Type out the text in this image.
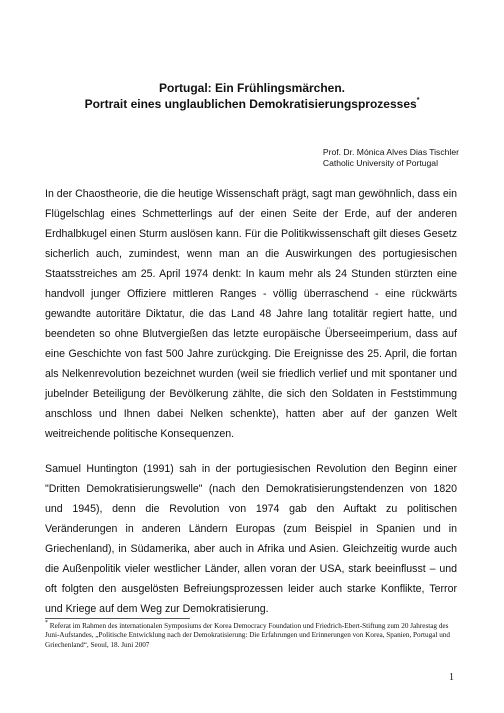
Portugal: Ein Frühlingsmärchen.
Portrait eines unglaublichen Demokratisierungsprozesses*
Prof. Dr. Mónica Alves Dias Tischler
Catholic University of Portugal

In der Chaostheorie, die die heutige Wissenschaft prägt, sagt man gewöhnlich, dass ein Flügelschlag eines Schmetterlings auf der einen Seite der Erde, auf der anderen Erdhalbkugel einen Sturm auslösen kann. Für die Politikwissenschaft gilt dieses Gesetz sicherlich auch, zumindest, wenn man an die Auswirkungen des portugiesischen Staatsstreiches am 25. April 1974 denkt: In kaum mehr als 24 Stunden stürzten eine handvoll junger Offiziere mittleren Ranges - völlig überraschend - eine rückwärts gewandte autoritäre Diktatur, die das Land 48 Jahre lang totalitär regiert hatte, und beendeten so ohne Blutvergießen das letzte europäische Überseeimperium, dass auf eine Geschichte von fast 500 Jahre zurückging. Die Ereignisse des 25. April, die fortan als Nelkenrevolution bezeichnet wurden (weil sie friedlich verlief und mit spontaner und jubelnder Beteiligung der Bevölkerung zählte, die sich den Soldaten in Feststimmung anschloss und Ihnen dabei Nelken schenkte), hatten aber auf der ganzen Welt weitreichende politische Konsequenzen.

Samuel Huntington (1991) sah in der portugiesischen Revolution den Beginn einer "Dritten Demokratisierungswelle" (nach den Demokratisierungstendenzen von 1820 und 1945), denn die Revolution von 1974 gab den Auftakt zu politischen Veränderungen in anderen Ländern Europas (zum Beispiel in Spanien und in Griechenland), in Südamerika, aber auch in Afrika und Asien. Gleichzeitig wurde auch die Außenpolitik vieler westlicher Länder, allen voran der USA, stark beeinflusst – und oft folgten den ausgelösten Befreiungsprozessen leider auch starke Konflikte, Terror und Kriege auf dem Weg zur Demokratisierung.

* Referat im Rahmen des internationalen Symposiums der Korea Democracy Foundation und Friedrich-Ebert-Stiftung zum 20 Jahrestag des Juni-Aufstandes, „Politische Entwicklung nach der Demokratisierung: Die Erfahrungen und Erinnerungen von Korea, Spanien, Portugal und Griechenland“, Seoul, 18. Juni 2007

1
